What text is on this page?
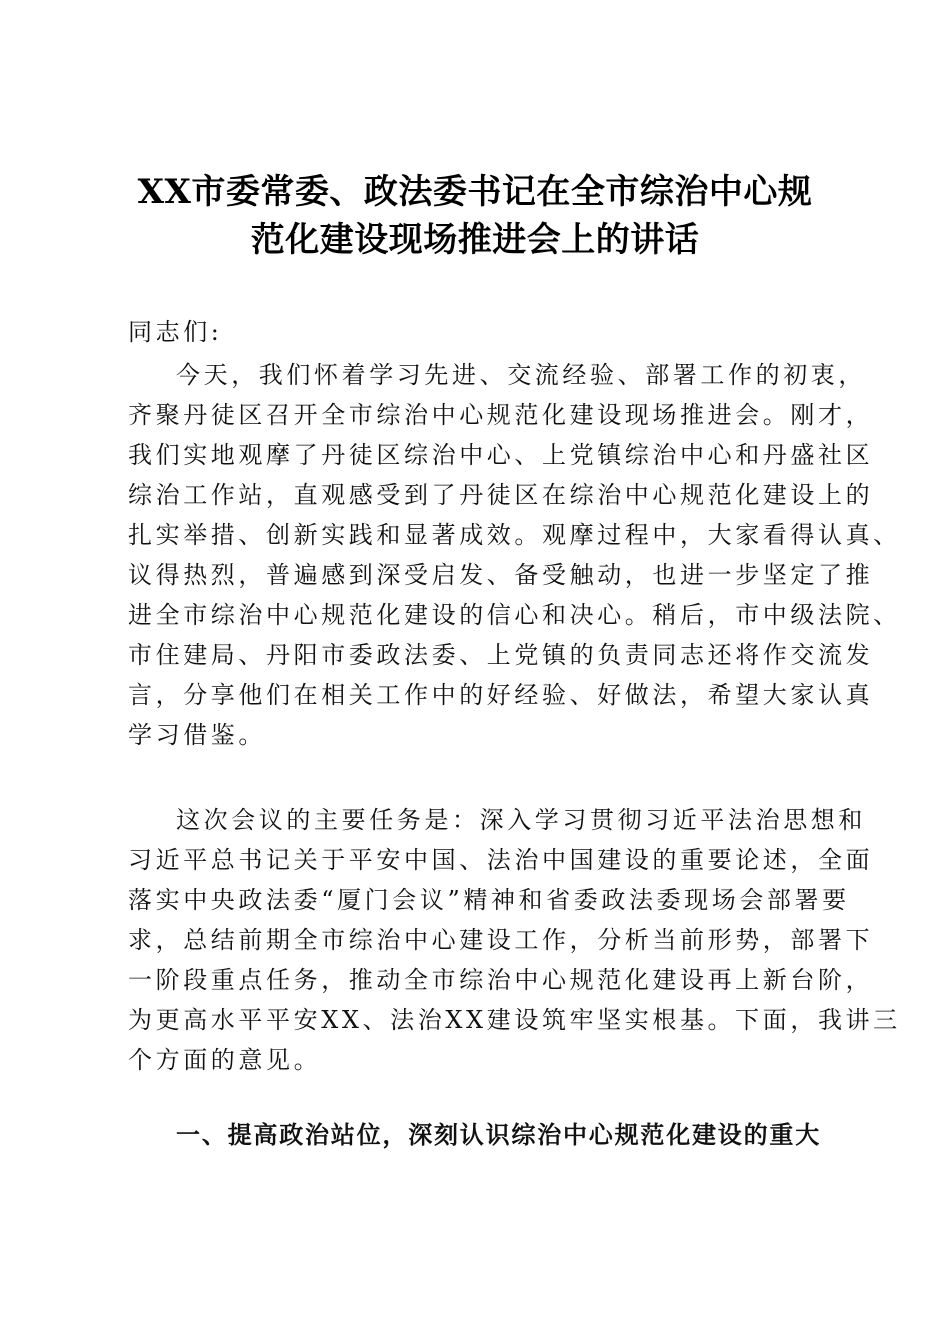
XX市委常委、政法委书记在全市综治中心规
范化建设现场推进会上的讲话

同志们:

今天，我们怀着学习先进、交流经验、部署工作的初衷，
齐聚丹徒区召开全市综治中心规范化建设现场推进会。刚才，
我们实地观摩了丹徒区综治中心、上党镇综治中心和丹盛社区
综治工作站，直观感受到了丹徒区在综治中心规范化建设上的
扎实举措、创新实践和显著成效。观摩过程中，大家看得认真、
议得热烈，普遍感到深受启发、备受触动，也进一步坚定了推
进全市综治中心规范化建设的信心和决心。稍后，市中级法院、
市住建局、丹阳市委政法委、上党镇的负责同志还将作交流发
言，分享他们在相关工作中的好经验、好做法，希望大家认真
学习借鉴。
这次会议的主要任务是：深入学习贯彻习近平法治思想和
习近平总书记关于平安中国、法治中国建设的重要论述，全面
落实中央政法委“厦门会议”精神和省委政法委现场会部署要
求，总结前期全市综治中心建设工作，分析当前形势，部署下
一阶段重点任务，推动全市综治中心规范化建设再上新台阶，
为更高水平平安XX、法治XX建设筑牢坚实根基。下面，我讲三
个方面的意见。
一、提高政治站位，深刻认识综治中心规范化建设的重大
